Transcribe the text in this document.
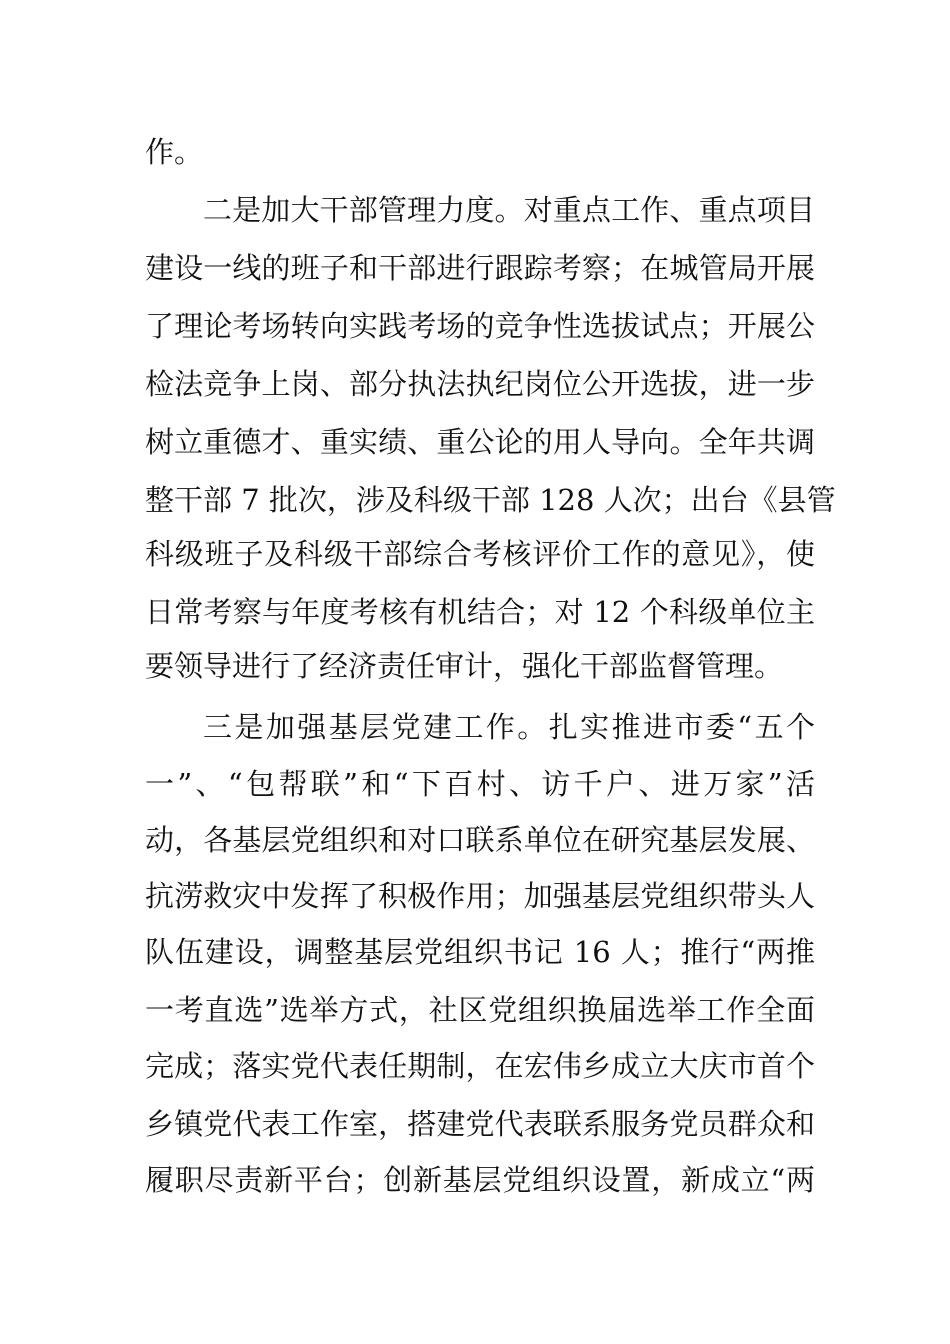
作。
二是加大干部管理力度。对重点工作、重点项目
建设一线的班子和干部进行跟踪考察；在城管局开展
了理论考场转向实践考场的竞争性选拔试点；开展公
检法竞争上岗、部分执法执纪岗位公开选拔，进一步
树立重德才、重实绩、重公论的用人导向。全年共调
整干部 7 批次，涉及科级干部 128 人次；出台《县管
科级班子及科级干部综合考核评价工作的意见》，使
日常考察与年度考核有机结合；对 12 个科级单位主
要领导进行了经济责任审计，强化干部监督管理。
三是加强基层党建工作。扎实推进市委“五个
一”、“包帮联”和“下百村、访千户、进万家”活
动，各基层党组织和对口联系单位在研究基层发展、
抗涝救灾中发挥了积极作用；加强基层党组织带头人
队伍建设，调整基层党组织书记 16 人；推行“两推
一考直选”选举方式，社区党组织换届选举工作全面
完成；落实党代表任期制，在宏伟乡成立大庆市首个
乡镇党代表工作室，搭建党代表联系服务党员群众和
履职尽责新平台；创新基层党组织设置，新成立“两
